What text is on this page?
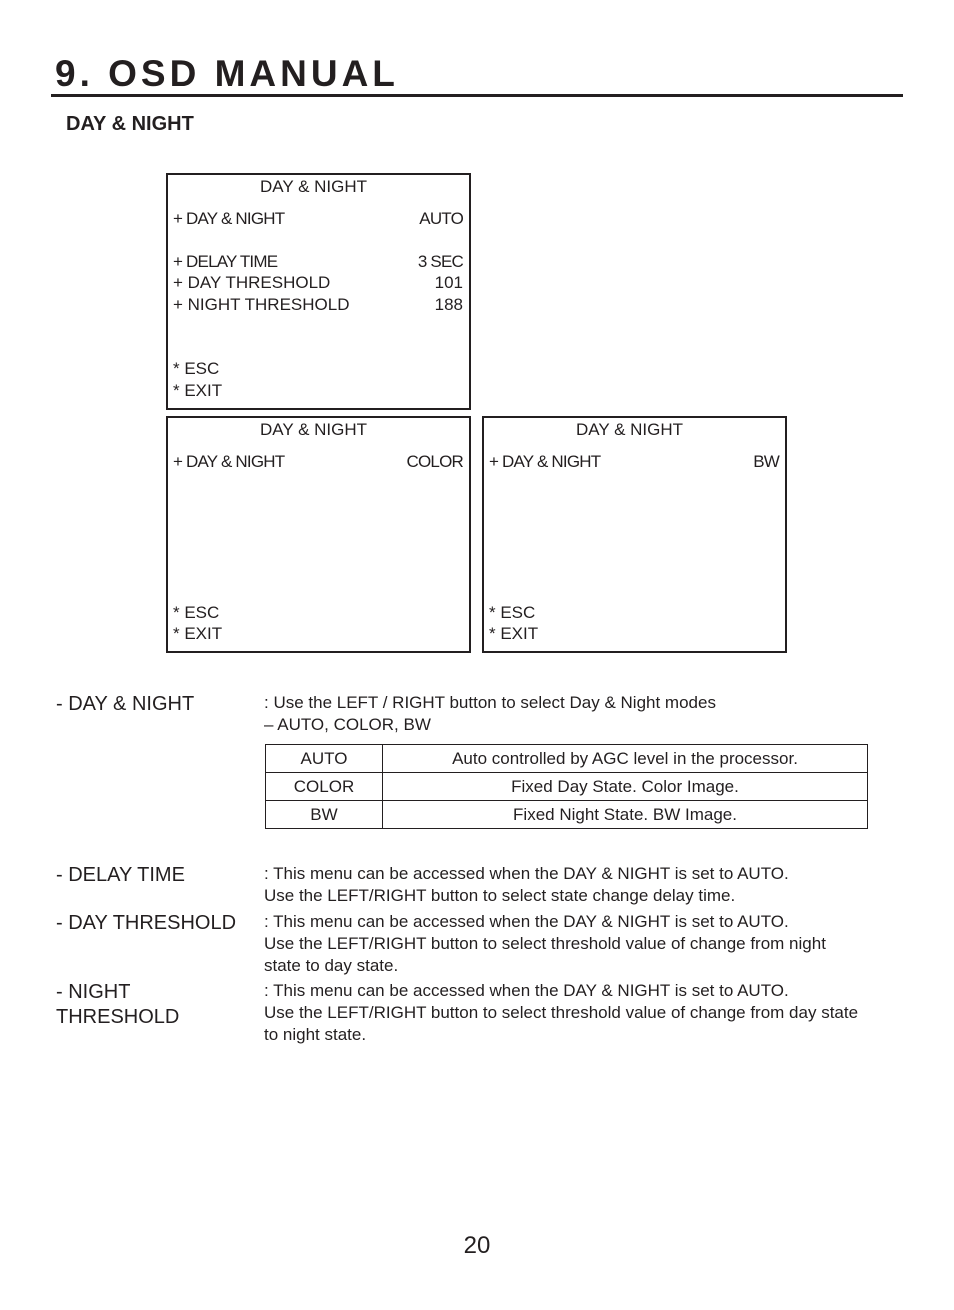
9. OSD MANUAL
DAY & NIGHT
DAY & NIGHT
+ DAY & NIGHT	AUTO
+ DELAY TIME	3 SEC
+ DAY THRESHOLD	101
+ NIGHT THRESHOLD	188
* ESC
* EXIT
DAY & NIGHT
+ DAY & NIGHT	COLOR
* ESC
* EXIT
DAY & NIGHT
+ DAY & NIGHT	BW
* ESC
* EXIT
- DAY & NIGHT	: Use the LEFT / RIGHT button to select Day & Night modes
– AUTO, COLOR, BW
AUTO	Auto controlled by AGC level in the processor.
COLOR	Fixed Day State. Color Image.
BW	Fixed Night State. BW Image.
- DELAY TIME	: This menu can be accessed when the DAY & NIGHT is set to AUTO.
Use the LEFT/RIGHT button to select state change delay time.
- DAY THRESHOLD : This menu can be accessed when the DAY & NIGHT is set to AUTO.
Use the LEFT/RIGHT button to select threshold value of change from night
state to day state.
- NIGHT
THRESHOLD
: This menu can be accessed when the DAY & NIGHT is set to AUTO.
Use the LEFT/RIGHT button to select threshold value of change from day state
to night state.
20
